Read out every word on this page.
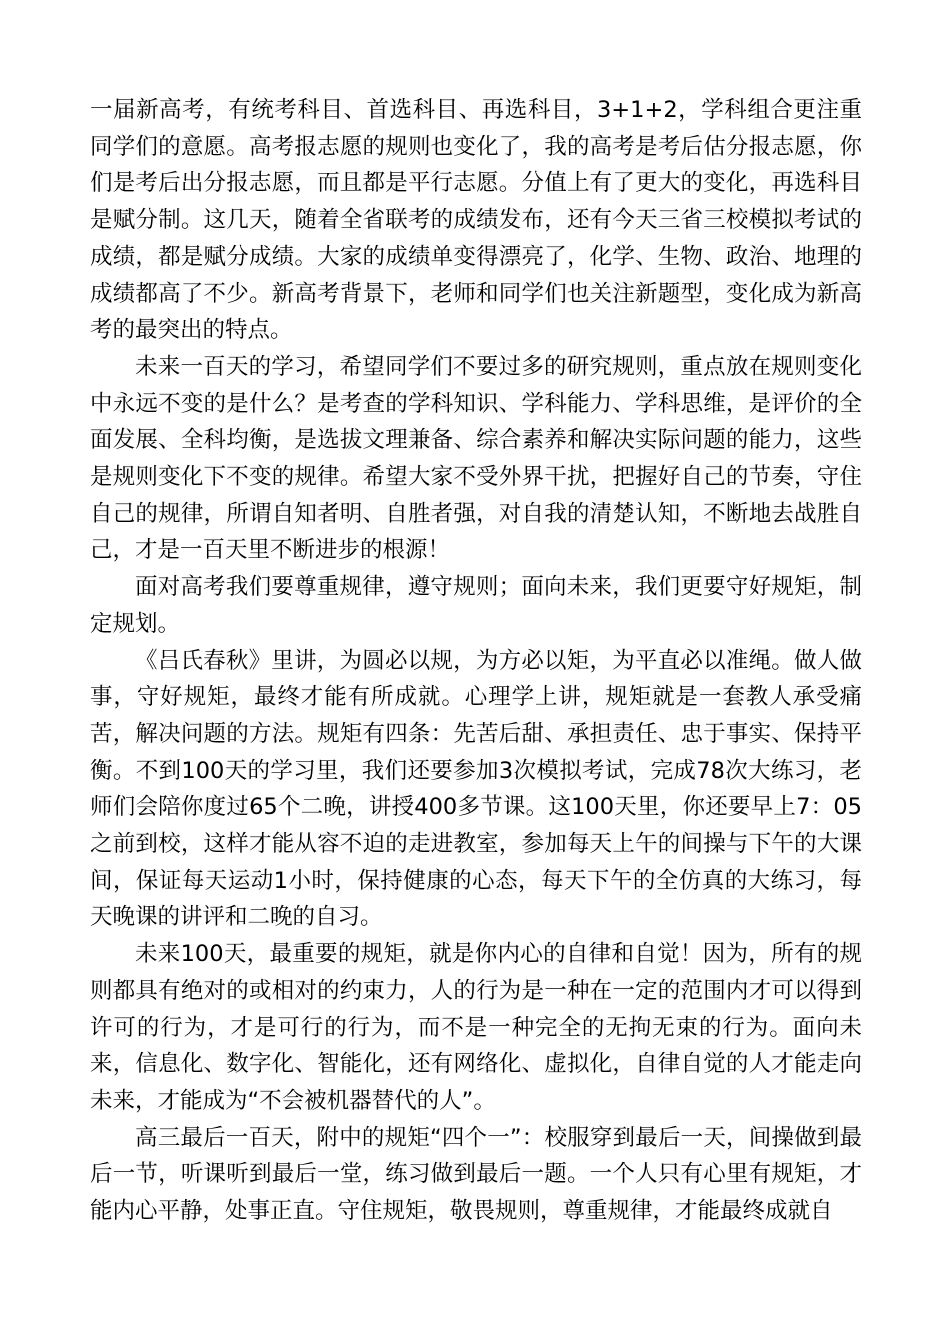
一届新高考，有统考科目、首选科目、再选科目，3+1+2，学科组合更注重同学们的意愿。高考报志愿的规则也变化了，我的高考是考后估分报志愿，你们是考后出分报志愿，而且都是平行志愿。分值上有了更大的变化，再选科目是赋分制。这几天，随着全省联考的成绩发布，还有今天三省三校模拟考试的成绩，都是赋分成绩。大家的成绩单变得漂亮了，化学、生物、政治、地理的成绩都高了不少。新高考背景下，老师和同学们也关注新题型，变化成为新高考的最突出的特点。

未来一百天的学习，希望同学们不要过多的研究规则，重点放在规则变化中永远不变的是什么？是考查的学科知识、学科能力、学科思维，是评价的全面发展、全科均衡，是选拔文理兼备、综合素养和解决实际问题的能力，这些是规则变化下不变的规律。希望大家不受外界干扰，把握好自己的节奏，守住自己的规律，所谓自知者明、自胜者强，对自我的清楚认知，不断地去战胜自己，才是一百天里不断进步的根源！

面对高考我们要尊重规律，遵守规则；面向未来，我们更要守好规矩，制定规划。

《吕氏春秋》里讲，为圆必以规，为方必以矩，为平直必以准绳。做人做事，守好规矩，最终才能有所成就。心理学上讲，规矩就是一套教人承受痛苦，解决问题的方法。规矩有四条：先苦后甜、承担责任、忠于事实、保持平衡。不到100天的学习里，我们还要参加3次模拟考试，完成78次大练习，老师们会陪你度过65个二晚，讲授400多节课。这100天里，你还要早上7：05之前到校，这样才能从容不迫的走进教室，参加每天上午的间操与下午的大课间，保证每天运动1小时，保持健康的心态，每天下午的全仿真的大练习，每天晚课的讲评和二晚的自习。

未来100天，最重要的规矩，就是你内心的自律和自觉！因为，所有的规则都具有绝对的或相对的约束力，人的行为是一种在一定的范围内才可以得到许可的行为，才是可行的行为，而不是一种完全的无拘无束的行为。面向未来，信息化、数字化、智能化，还有网络化、虚拟化，自律自觉的人才能走向未来，才能成为“不会被机器替代的人”。

高三最后一百天，附中的规矩“四个一”：校服穿到最后一天，间操做到最后一节，听课听到最后一堂，练习做到最后一题。一个人只有心里有规矩，才能内心平静，处事正直。守住规矩，敬畏规则，尊重规律，才能最终成就自
